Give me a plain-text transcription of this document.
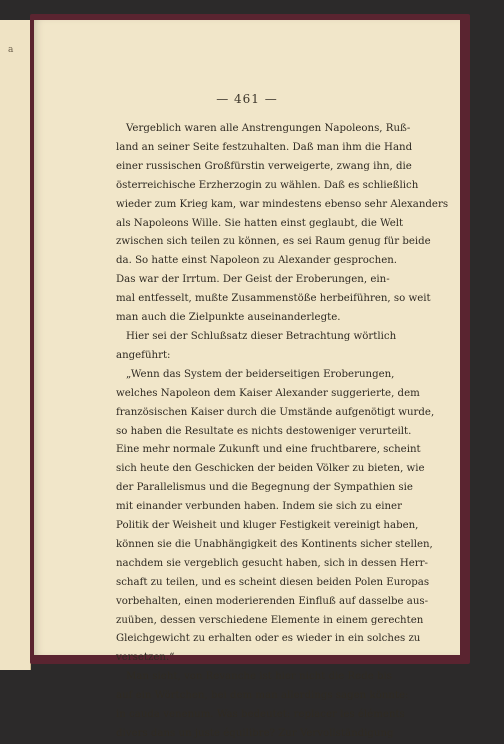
a
— 461 —
Vergeblich waren alle Anstrengungen Napoleons, Ruß-
land an seiner Seite festzuhalten. Daß man ihm die Hand
einer russischen Großfürstin verweigerte, zwang ihn, die
österreichische Erzherzogin zu wählen. Daß es schließlich
wieder zum Krieg kam, war mindestens ebenso sehr Alexanders
als Napoleons Wille. Sie hatten einst geglaubt, die Welt
zwischen sich teilen zu können, es sei Raum genug für beide
da. So hatte einst Napoleon zu Alexander gesprochen.
Das war der Irrtum. Der Geist der Eroberungen, ein-
mal entfesselt, mußte Zusammenstöße herbeiführen, so weit
man auch die Zielpunkte auseinanderlegte.
Hier sei der Schlußsatz dieser Betrachtung wörtlich
angeführt:
„Wenn das System der beiderseitigen Eroberungen,
welches Napoleon dem Kaiser Alexander suggerierte, dem
französischen Kaiser durch die Umstände aufgenötigt wurde,
so haben die Resultate es nichts destoweniger verurteilt.
Eine mehr normale Zukunft und eine fruchtbarere, scheint
sich heute den Geschicken der beiden Völker zu bieten, wie
der Parallelismus und die Begegnung der Sympathien sie
mit einander verbunden haben. Indem sie sich zu einer
Politik der Weisheit und kluger Festigkeit vereinigt haben,
können sie die Unabhängigkeit des Kontinents sicher stellen,
nachdem sie vergeblich gesucht haben, sich in dessen Herr-
schaft zu teilen, und es scheint diesen beiden Polen Europas
vorbehalten, einen moderierenden Einfluß auf dasselbe aus-
zuüben, dessen verschiedene Elemente in einem gerechten
Gleichgewicht zu erhalten oder es wieder in ein solches zu
versetzen.“
Man sieht, von Revanche ist hier nicht die Rede bis
auf ein Wörtchen, bei dem man allerdings sagen könnte:
in cauda venenum. Was bedeutet: replacer les éléments
divers dans un juste équilibre? Zur Vervollständigung
